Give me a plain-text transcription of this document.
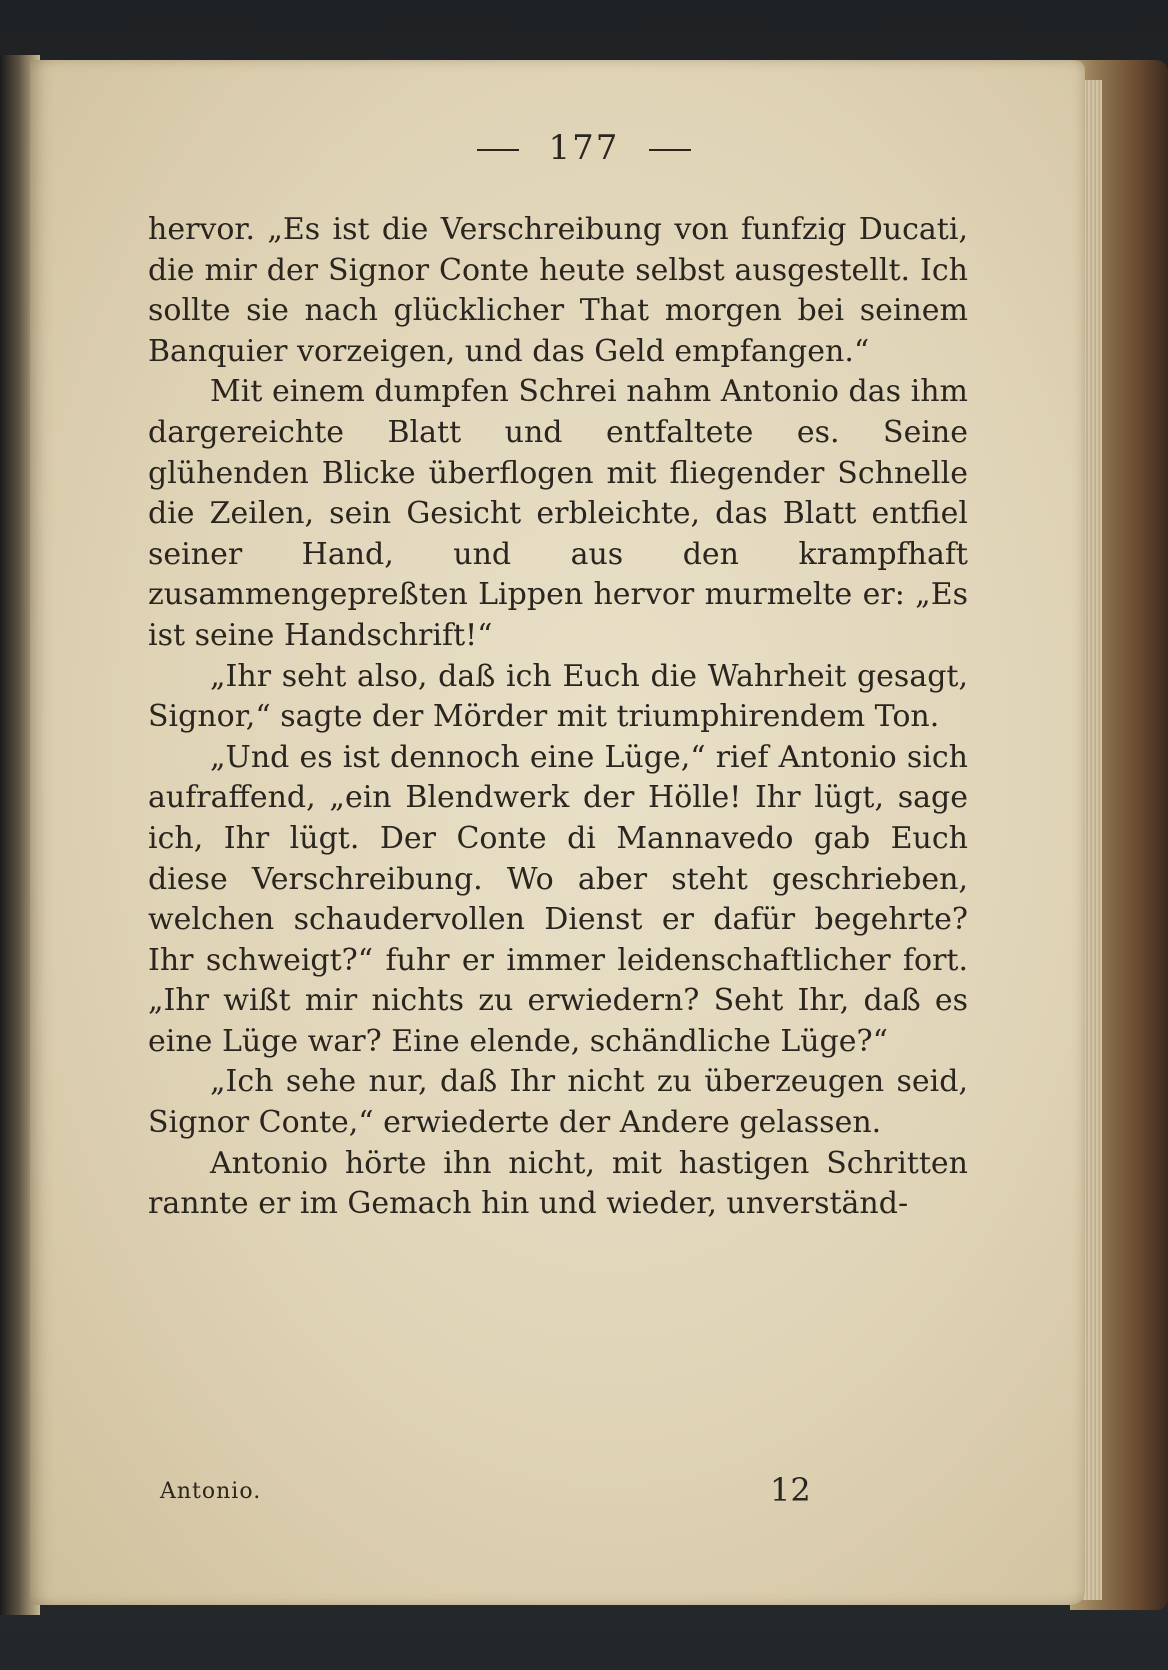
177

hervor. „Es ist die Verschreibung von funfzig Ducati, die mir der Signor Conte heute selbst ausgestellt. Ich sollte sie nach glücklicher That morgen bei seinem Banquier vorzeigen, und das Geld empfangen.“

Mit einem dumpfen Schrei nahm Antonio das ihm dargereichte Blatt und entfaltete es. Seine glühenden Blicke überflogen mit fliegender Schnelle die Zeilen, sein Gesicht erbleichte, das Blatt entfiel seiner Hand, und aus den krampfhaft zusammengepreßten Lippen hervor murmelte er: „Es ist seine Handschrift!“

„Ihr seht also, daß ich Euch die Wahrheit gesagt, Signor,“ sagte der Mörder mit triumphirendem Ton.

„Und es ist dennoch eine Lüge,“ rief Antonio sich aufraffend, „ein Blendwerk der Hölle! Ihr lügt, sage ich, Ihr lügt. Der Conte di Mannavedo gab Euch diese Verschreibung. Wo aber steht geschrieben, welchen schaudervollen Dienst er dafür begehrte? Ihr schweigt?“ fuhr er immer leidenschaftlicher fort. „Ihr wißt mir nichts zu erwiedern? Seht Ihr, daß es eine Lüge war? Eine elende, schändliche Lüge?“

„Ich sehe nur, daß Ihr nicht zu überzeugen seid, Signor Conte,“ erwiederte der Andere gelassen.

Antonio hörte ihn nicht, mit hastigen Schritten rannte er im Gemach hin und wieder, unverständ-

Antonio.	12
